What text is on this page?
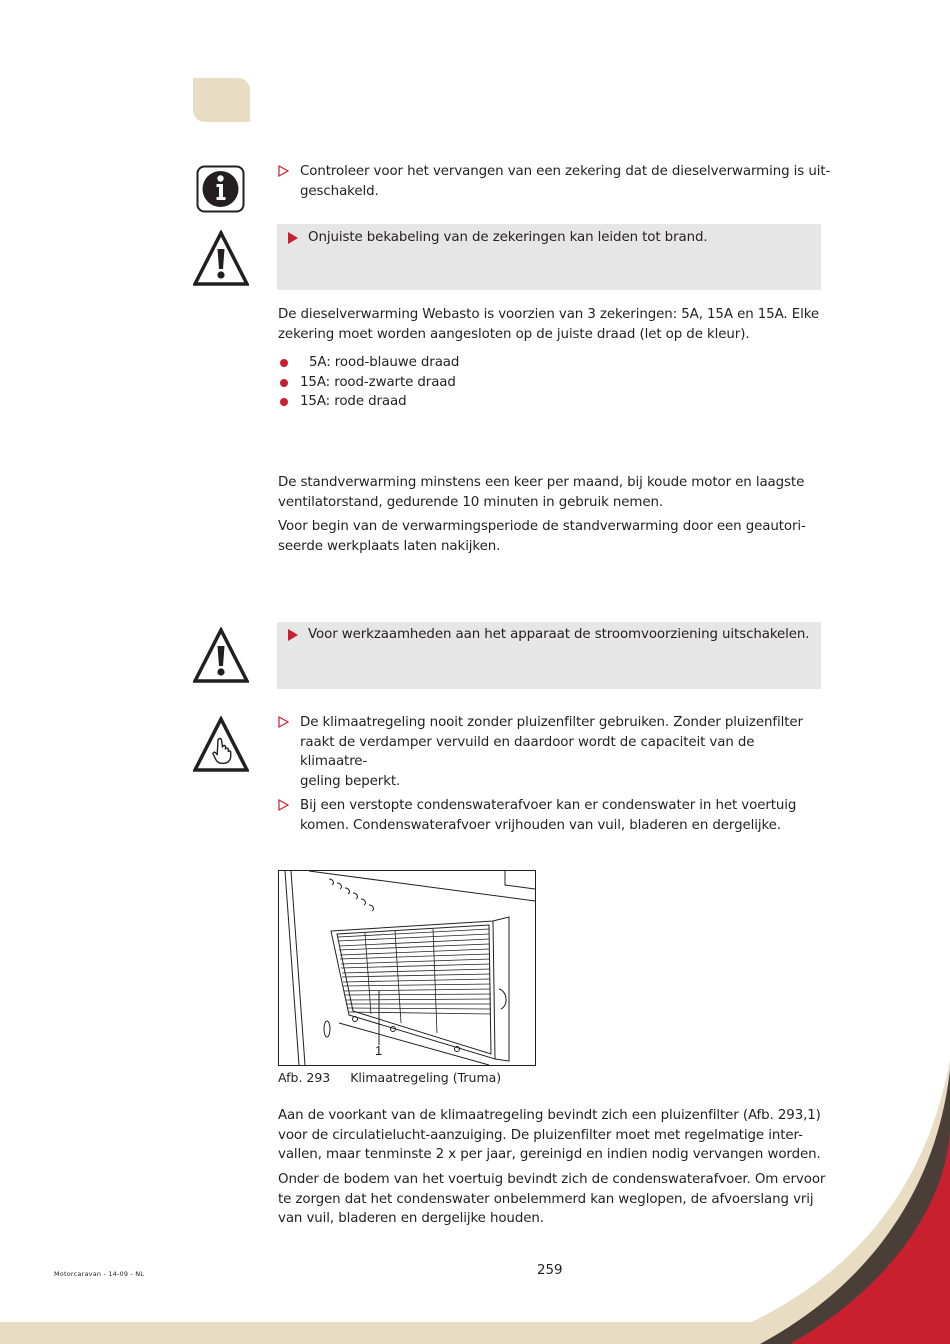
Controleer voor het vervangen van een zekering dat de dieselverwarming is uit-
geschakeld.
Onjuiste bekabeling van de zekeringen kan leiden tot brand.
De dieselverwarming Webasto is voorzien van 3 zekeringen: 5A, 15A en 15A. Elke
zekering moet worden aangesloten op de juiste draad (let op de kleur).
5A: rood-blauwe draad
15A: rood-zwarte draad
15A: rode draad
De standverwarming minstens een keer per maand, bij koude motor en laagste
ventilatorstand, gedurende 10 minuten in gebruik nemen.
Voor begin van de verwarmingsperiode de standverwarming door een geautori-
seerde werkplaats laten nakijken.
Voor werkzaamheden aan het apparaat de stroomvoorziening uitschakelen.
De klimaatregeling nooit zonder pluizenfilter gebruiken. Zonder pluizenfilter
raakt de verdamper vervuild en daardoor wordt de capaciteit van de klimaatre-
geling beperkt.
Bij een verstopte condenswaterafvoer kan er condenswater in het voertuig
komen. Condenswaterafvoer vrijhouden van vuil, bladeren en dergelijke.
1
Afb. 293 Klimaatregeling (Truma)
Aan de voorkant van de klimaatregeling bevindt zich een pluizenfilter (Afb. 293,1)
voor de circulatielucht-aanzuiging. De pluizenfilter moet met regelmatige inter-
vallen, maar tenminste 2 x per jaar, gereinigd en indien nodig vervangen worden.
Onder de bodem van het voertuig bevindt zich de condenswaterafvoer. Om ervoor
te zorgen dat het condenswater onbelemmerd kan weglopen, de afvoerslang vrij
van vuil, bladeren en dergelijke houden.
Motorcaravan - 14-09 - NL	259
